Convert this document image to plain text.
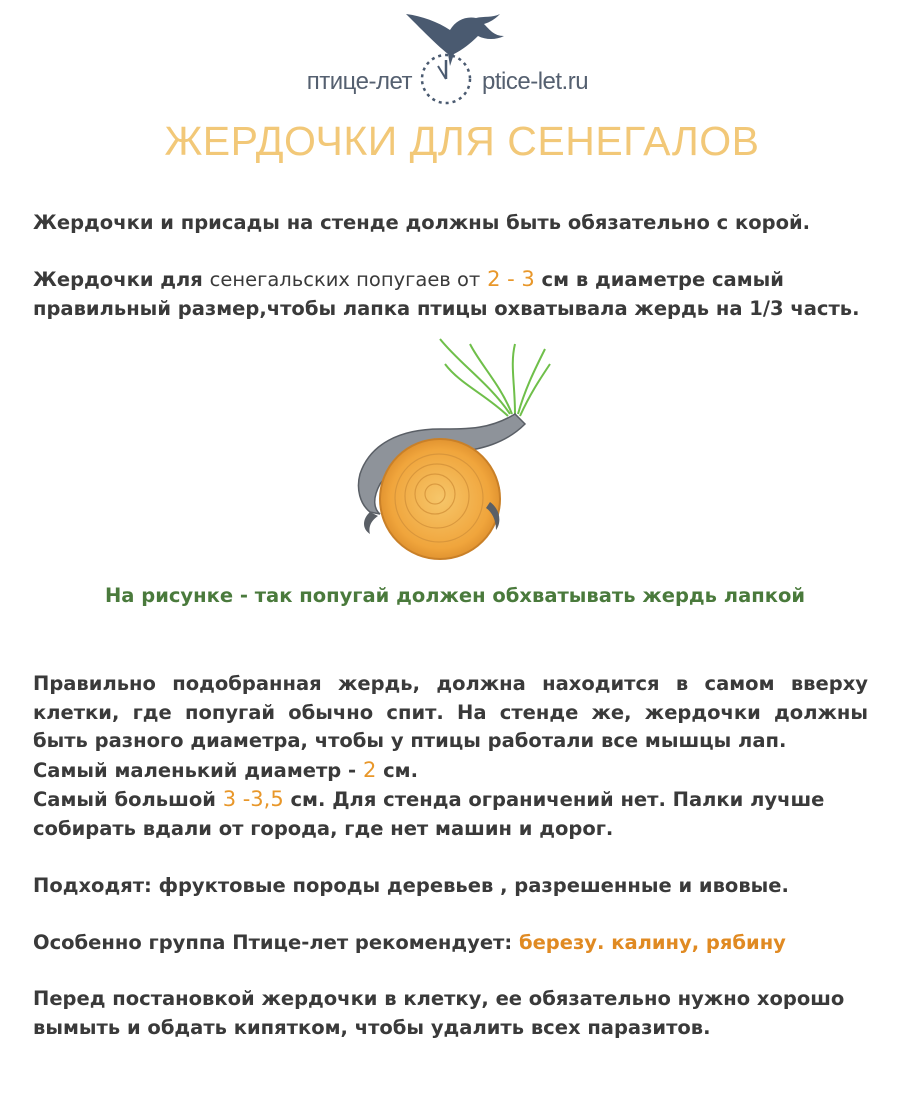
птице-лет	ptice-let.ru
ЖЕРДОЧКИ ДЛЯ СЕНЕГАЛОВ
Жердочки и присады на стенде должны быть обязательно с корой.
Жердочки для сенегальских попугаев от 2 - 3 см в диаметре самый правильный размер,чтобы лапка птицы охватывала жердь на 1/3 часть.
На рисунке - так попугай должен обхватывать жердь лапкой
Правильно подобранная жердь, должна находится в самом вверху клетки, где попугай обычно спит. На стенде же, жердочки должны быть разного диаметра, чтобы у птицы работали все мышцы лап.
Самый маленький диаметр - 2 см.
Самый большой 3 -3,5 см. Для стенда ограничений нет. Палки лучше собирать вдали от города, где нет машин и дорог.
Подходят: фруктовые породы деревьев , разрешенные и ивовые.
Особенно группа Птице-лет рекомендует: березу. калину, рябину
Перед постановкой жердочки в клетку, ее обязательно нужно хорошо вымыть и обдать кипятком, чтобы удалить всех паразитов.
